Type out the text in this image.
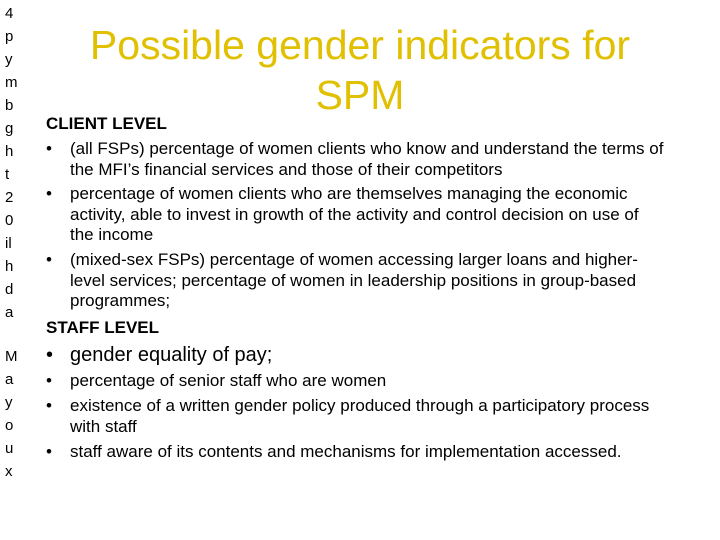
4
p
y
m
b
g
h
t
2
0
il
h
d
a
M
a
y
o
u
x
Possible gender indicators for SPM
CLIENT LEVEL
• (all FSPs) percentage of women clients who know and understand the terms of the MFI’s financial services and those of their competitors
• percentage of women clients who are themselves managing the economic activity, able to invest in growth of the activity and control decision on use of the income
• (mixed-sex FSPs) percentage of women accessing larger loans and higher-level services; percentage of women in leadership positions in group-based programmes;
STAFF LEVEL
• gender equality of pay;
• percentage of senior staff who are women
• existence of a written gender policy produced through a participatory process with staff
• staff aware of its contents and mechanisms for implementation accessed.
